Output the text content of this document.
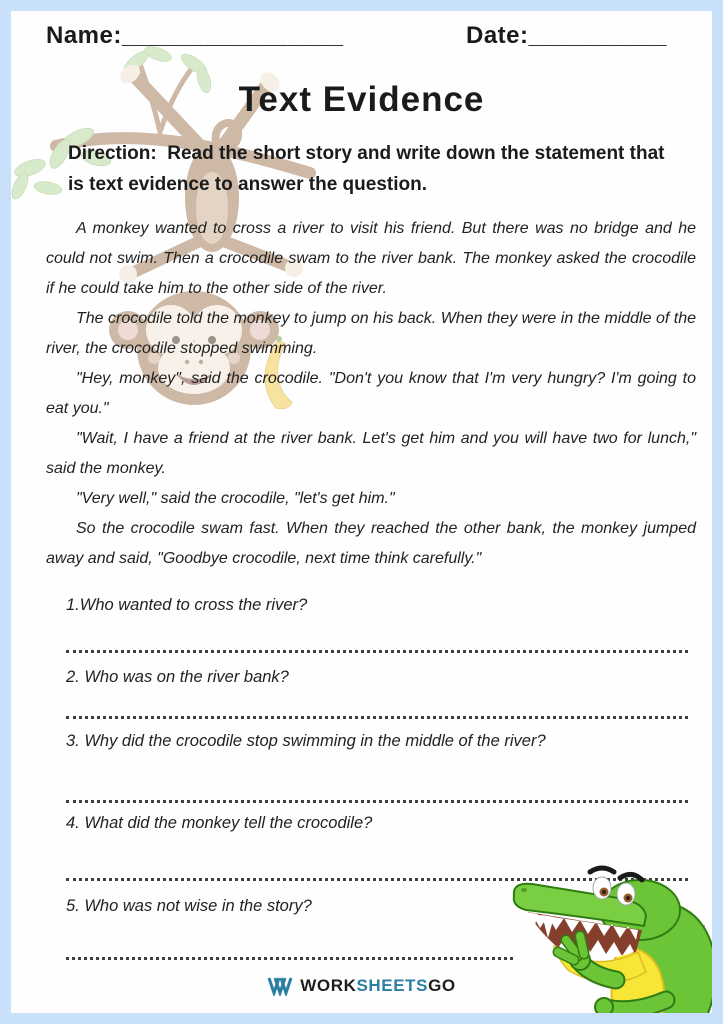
Name:________________	Date:__________
Text Evidence

Direction: Read the short story and write down the statement that is text evidence to answer the question.

A monkey wanted to cross a river to visit his friend. But there was no bridge and he could not swim. Then a crocodile swam to the river bank. The monkey asked the crocodile if he could take him to the other side of the river.

The crocodile told the monkey to jump on his back. When they were in the middle of the river, the crocodile stopped swimming.

"Hey, monkey", said the crocodile. "Don't you know that I'm very hungry? I'm going to eat you."

"Wait, I have a friend at the river bank. Let's get him and you will have two for lunch," said the monkey.

"Very well," said the crocodile, "let's get him."

So the crocodile swam fast. When they reached the other bank, the monkey jumped away and said, "Goodbye crocodile, next time think carefully."

1.Who wanted to cross the river?
2. Who was on the river bank?
3. Why did the crocodile stop swimming in the middle of the river?
4. What did the monkey tell the crocodile?
5. Who was not wise in the story?
WORKSHEETSGO
